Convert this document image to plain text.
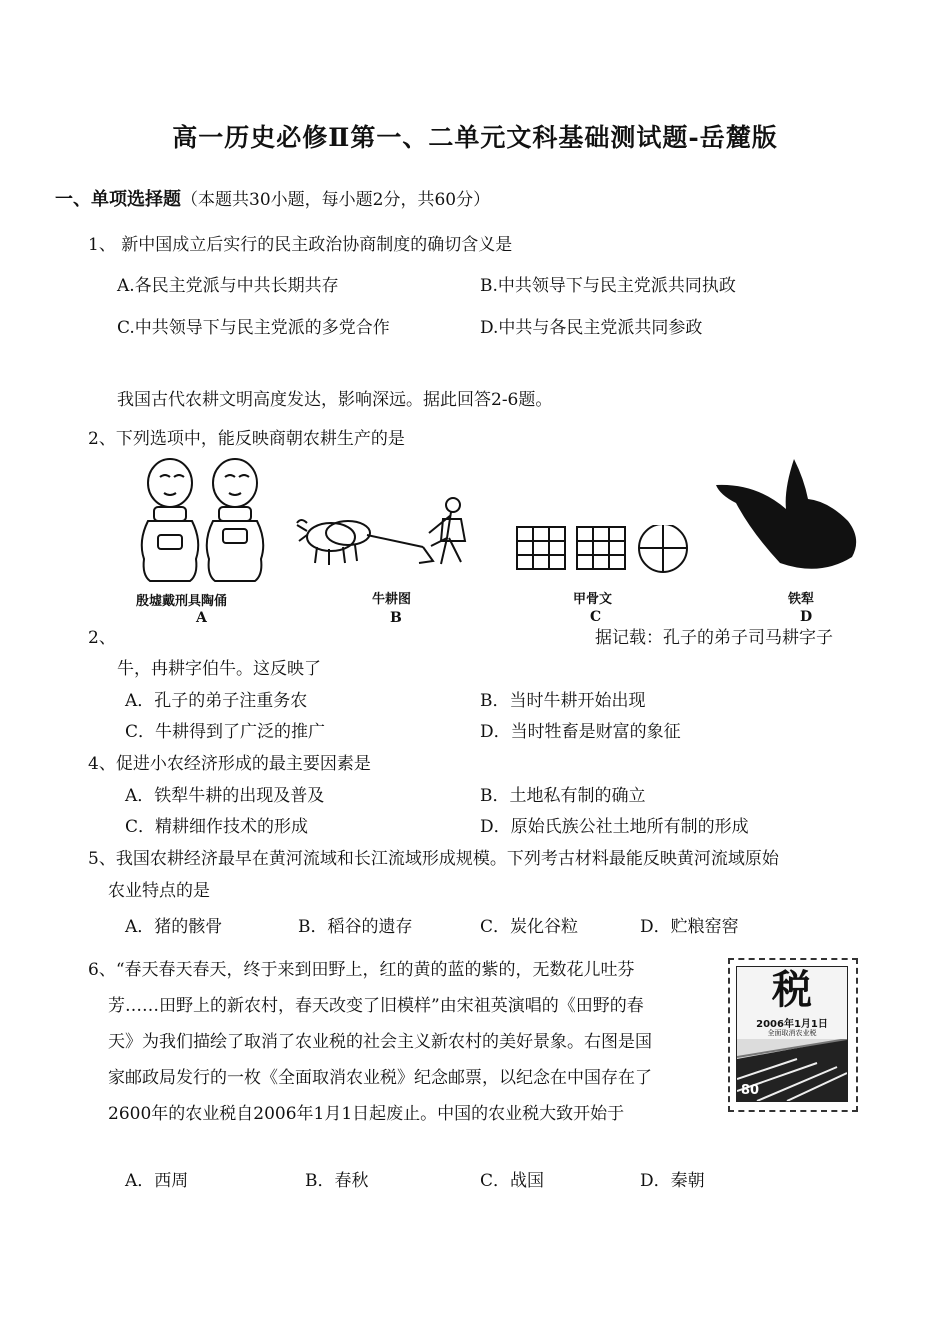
高一历史必修Ⅱ第一、二单元文科基础测试题-岳麓版
一、单项选择题（本题共30小题，每小题2分，共60分）
1、 新中国成立后实行的民主政治协商制度的确切含义是
A.各民主党派与中共长期共存	B.中共领导下与民主党派共同执政
C.中共领导下与民主党派的多党合作	D.中共与各民主党派共同参政
我国古代农耕文明高度发达，影响深远。据此回答2-6题。
2、下列选项中，能反映商朝农耕生产的是
殷墟戴刑具陶俑
A
牛耕图
B
甲骨文
C
铁犁
D
2、	据记载：孔子的弟子司马耕字子
牛，冉耕字伯牛。这反映了
A．孔子的弟子注重务农	B．当时牛耕开始出现
C．牛耕得到了广泛的推广	D．当时牲畜是财富的象征
4、促进小农经济形成的最主要因素是
A．铁犁牛耕的出现及普及	B．土地私有制的确立
C．精耕细作技术的形成	D．原始氏族公社土地所有制的形成
5、我国农耕经济最早在黄河流域和长江流域形成规模。下列考古材料最能反映黄河流域原始
农业特点的是
A．猪的骸骨	B．稻谷的遗存	C．炭化谷粒	D．贮粮窑窖
6、“春天春天春天，终于来到田野上，红的黄的蓝的紫的，无数花儿吐芬
芳……田野上的新农村，春天改变了旧模样”由宋祖英演唱的《田野的春
天》为我们描绘了取消了农业税的社会主义新农村的美好景象。右图是国
家邮政局发行的一枚《全面取消农业税》纪念邮票，以纪念在中国存在了
2600年的农业税自2006年1月1日起废止。中国的农业税大致开始于
A．西周	B．春秋	C．战国	D．秦朝
税
2006年1月1日
全面取消农业税
80
